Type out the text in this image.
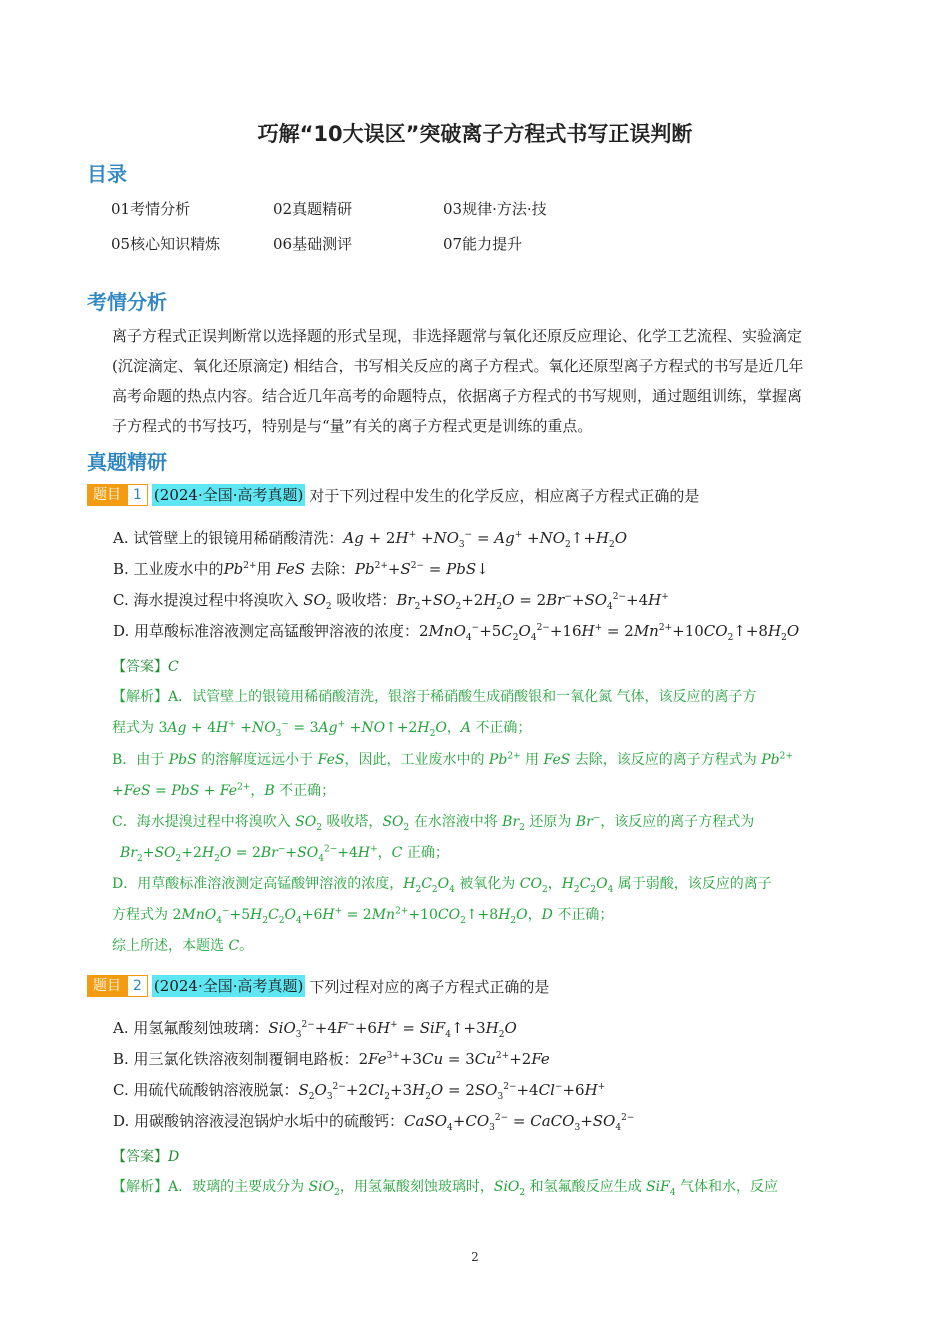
巧解“10大误区”突破离子方程式书写正误判断
目录
01考情分析	02真题精研	03规律·方法·技
05核心知识精炼	06基础测评	07能力提升
考情分析
离子方程式正误判断常以选择题的形式呈现，非选择题常与氧化还原反应理论、化学工艺流程、实验滴定
(沉淀滴定、氧化还原滴定) 相结合，书写相关反应的离子方程式。氧化还原型离子方程式的书写是近几年
高考命题的热点内容。结合近几年高考的命题特点，依据离子方程式的书写规则，通过题组训练，掌握离
子方程式的书写技巧，特别是与“量”有关的离子方程式更是训练的重点。
真题精研
题目 1 (2024·全国·高考真题) 对于下列过程中发生的化学反应，相应离子方程式正确的是
A. 试管壁上的银镜用稀硝酸清洗：$Ag + 2H^+ +NO_3^- = Ag^+$ $+NO_2↑+H_2O$
B. 工业废水中的$Pb^{2+}$用 FeS 去除：$Pb^{2+}+S^{2-}$ = PbS↓
C. 海水提溴过程中将溴吹入 $SO_2$ 吸收塔：$Br_2+SO_2+2H_2O = 2Br^-+SO_4^{2-}+4H^+$
D. 用草酸标准溶液测定高锰酸钾溶液的浓度：$2MnO_4^-+5C_2O_4^{2-}+16H^+$ = $2Mn^{2+}+10CO_2↑+8H_2O$
【答案】C
【解析】A．试管壁上的银镜用稀硝酸清洗，银溶于稀硝酸生成硝酸银和一氧化氮 气体，该反应的离子方
程式为 $3Ag + 4H^+ +NO_3^- = 3Ag^+$ $+NO↑+2H_2O$，A 不正确；
B．由于 PbS 的溶解度远远小于 FeS，因此，工业废水中的 $Pb^{2+}$ 用 FeS 去除，该反应的离子方程式为 $Pb^{2+}$
+FeS = PbS + $Fe^{2+}$，B 不正确；
C．海水提溴过程中将溴吹入 $SO_2$ 吸收塔，$SO_2$ 在水溶液中将 $Br_2$ 还原为 Br−，该反应的离子方程式为
$Br_2+SO_2+2H_2O = 2Br^-+SO_4^{2-}+4H^+$，C 正确；
D．用草酸标准溶液测定高锰酸钾溶液的浓度，$H_2C_2O_4$ 被氧化为 $CO_2$，$H_2C_2O_4$ 属于弱酸，该反应的离子
方程式为 $2MnO_4^-+5H_2C_2O_4+6H^+$ = $2Mn^{2+}+10CO_2↑+8H_2O$，D 不正确；
综上所述，本题选 C。
题目 2 (2024·全国·高考真题) 下列过程对应的离子方程式正确的是
A. 用氢氟酸刻蚀玻璃：$SiO_3^{2-}+4F^-+6H^+ = SiF_4↑+3H_2O$
B. 用三氯化铁溶液刻制覆铜电路板：$2Fe^{3+}+3Cu = 3Cu^{2+}+2Fe$
C. 用硫代硫酸钠溶液脱氯：$S_2O_3^{2-}+2Cl_2+3H_2O = 2SO_3^{2-}+4Cl^-+6H^+$
D. 用碳酸钠溶液浸泡锅炉水垢中的硫酸钙：$CaSO_4+CO_3^{2-}$ = $CaCO_3+SO_4^{2-}$
【答案】D
【解析】A．玻璃的主要成分为 SiO$_2$，用氢氟酸刻蚀玻璃时，SiO$_2$ 和氢氟酸反应生成 SiF$_4$ 气体和水，反应
2
